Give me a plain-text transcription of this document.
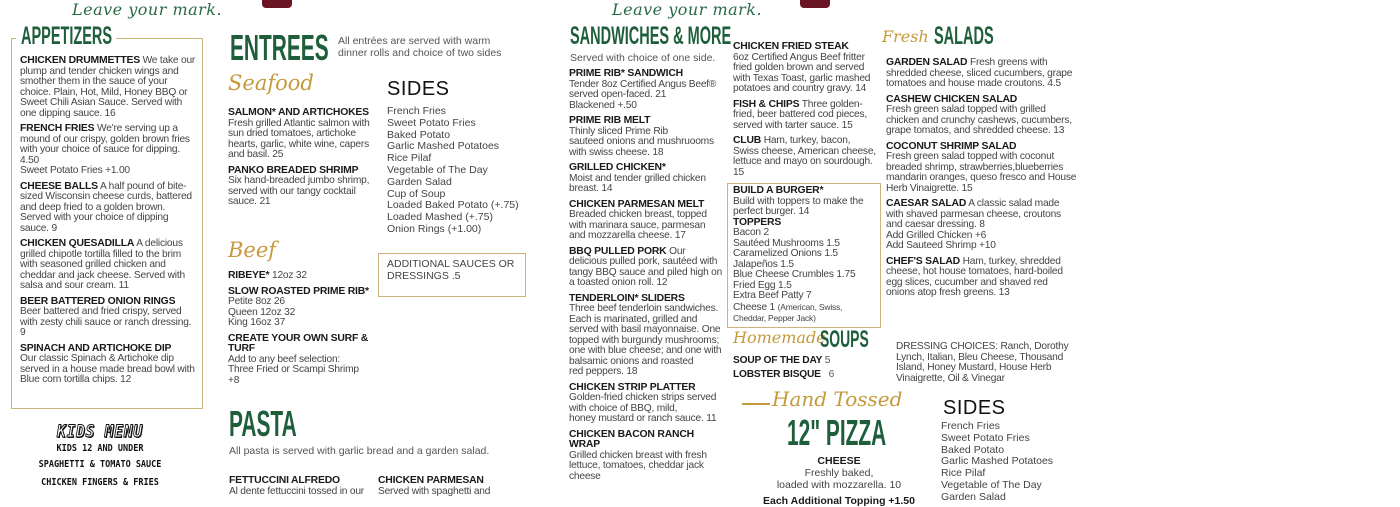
Leave your mark.	Leave your mark.
APPETIZERS
CHICKEN DRUMMETTES We take our plump and tender chicken wings and smother them in the sauce of your choice. Plain, Hot, Mild, Honey BBQ or Sweet Chili Asian Sauce. Served with one dipping sauce. 16
FRENCH FRIES We're serving up a mound of our crispy, golden brown fries with your choice of sauce for dipping. 4.50
Sweet Potato Fries +1.00
CHEESE BALLS A half pound of bite-sized Wisconsin cheese curds, battered and deep fried to a golden brown. Served with your choice of dipping sauce. 9
CHICKEN QUESADILLA A delicious grilled chipotle tortilla filled to the brim with seasoned grilled chicken and cheddar and jack cheese. Served with salsa and sour cream. 11
BEER BATTERED ONION RINGS
Beer battered and fried crispy, served with zesty chili sauce or ranch dressing. 9
SPINACH AND ARTICHOKE DIP
Our classic Spinach & Artichoke dip served in a house made bread bowl with Blue corn tortilla chips. 12
KIDS MENU
KIDS 12 AND UNDER
SPAGHETTI & TOMATO SAUCE
CHICKEN FINGERS & FRIES
ENTREES All entrées are served with warm dinner rolls and choice of two sides
Seafood
SALMON* AND ARTICHOKES
Fresh grilled Atlantic salmon with sun dried tomatoes, artichoke hearts, garlic, white wine, capers and basil. 25
PANKO BREADED SHRIMP
Six hand-breaded jumbo shrimp, served with our tangy cocktail sauce. 21
SIDES
French Fries
Sweet Potato Fries
Baked Potato
Garlic Mashed Potatoes
Rice Pilaf
Vegetable of The Day
Garden Salad
Cup of Soup
Loaded Baked Potato (+.75)
Loaded Mashed (+.75)
Onion Rings (+1.00)
Beef
RIBEYE* 12oz 32
SLOW ROASTED PRIME RIB*
Petite 8oz 26
Queen 12oz 32
King 16oz 37
CREATE YOUR OWN SURF & TURF
Add to any beef selection:
Three Fried or Scampi Shrimp +8
ADDITIONAL SAUCES OR DRESSINGS .5
PASTA
All pasta is served with garlic bread and a garden salad.
FETTUCCINI ALFREDO
Al dente fettuccini tossed in our
CHICKEN PARMESAN
Served with spaghetti and
SANDWICHES & MORE
Served with choice of one side.
PRIME RIB* SANDWICH
Tender 8oz Certified Angus Beef®
served open-faced. 21
Blackened +.50
PRIME RIB MELT
Thinly sliced Prime Rib
sauteed onions and mushruooms
with swiss cheese. 18
GRILLED CHICKEN*
Moist and tender grilled chicken breast. 14
CHICKEN PARMESAN MELT
Breaded chicken breast, topped with marinara sauce, parmesan and mozzarella cheese. 17
BBQ PULLED PORK Our delicious pulled pork, sautéed with tangy BBQ sauce and piled high on a toasted onion roll. 12
TENDERLOIN* SLIDERS
Three beef tenderloin sandwiches. Each is marinated, grilled and served with basil mayonnaise. One topped with burgundy mushrooms;
one with blue cheese; and one with balsamic onions and roasted
red peppers. 18
CHICKEN STRIP PLATTER
Golden-fried chicken strips served with choice of BBQ, mild,
honey mustard or ranch sauce. 11
CHICKEN BACON RANCH WRAP
Grilled chicken breast with fresh lettuce, tomatoes, cheddar jack cheese
CHICKEN FRIED STEAK
6oz Certified Angus Beef fritter fried golden brown and served with Texas Toast, garlic mashed potatoes and country gravy. 14
FISH & CHIPS Three golden-fried, beer battered cod pieces, served with tarter sauce. 15
CLUB Ham, turkey, bacon, Swiss cheese, American cheese, lettuce and mayo on sourdough. 15
BUILD A BURGER*
Build with toppers to make the perfect burger. 14
TOPPERS
Bacon 2
Sautéed Mushrooms 1.5
Caramelized Onions 1.5
Jalapeños 1.5
Blue Cheese Crumbles 1.75
Fried Egg 1.5
Extra Beef Patty 7
Cheese 1 (American, Swiss, Cheddar, Pepper Jack)
Homemade
SOUPS
SOUP OF THE DAY 5
LOBSTER BISQUE 6
Hand Tossed
12" PIZZA
CHEESE
Freshly baked,
loaded with mozzarella. 10
Each Additional Topping +1.50
Fresh SALADS
GARDEN SALAD Fresh greens with shredded cheese, sliced cucumbers, grape tomatoes and house made croutons. 4.5
CASHEW CHICKEN SALAD
Fresh green salad topped with grilled chicken and crunchy cashews, cucumbers, grape tomatos, and shredded cheese. 13
COCONUT SHRIMP SALAD
Fresh green salad topped with coconut breaded shrimp, strawberries,blueberries mandarin oranges, queso fresco and House Herb Vinaigrette. 15
CAESAR SALAD A classic salad made with shaved parmesan cheese, croutons and caesar dressing. 8
Add Grilled Chicken +6
Add Sauteed Shrimp +10
CHEF'S SALAD Ham, turkey, shredded cheese, hot house tomatoes, hard-boiled egg slices, cucumber and shaved red onions atop fresh greens. 13
DRESSING CHOICES: Ranch, Dorothy Lynch, Italian, Bleu Cheese, Thousand Island, Honey Mustard, House Herb Vinaigrette, Oil & Vinegar
SIDES
French Fries
Sweet Potato Fries
Baked Potato
Garlic Mashed Potatoes
Rice Pilaf
Vegetable of The Day
Garden Salad
